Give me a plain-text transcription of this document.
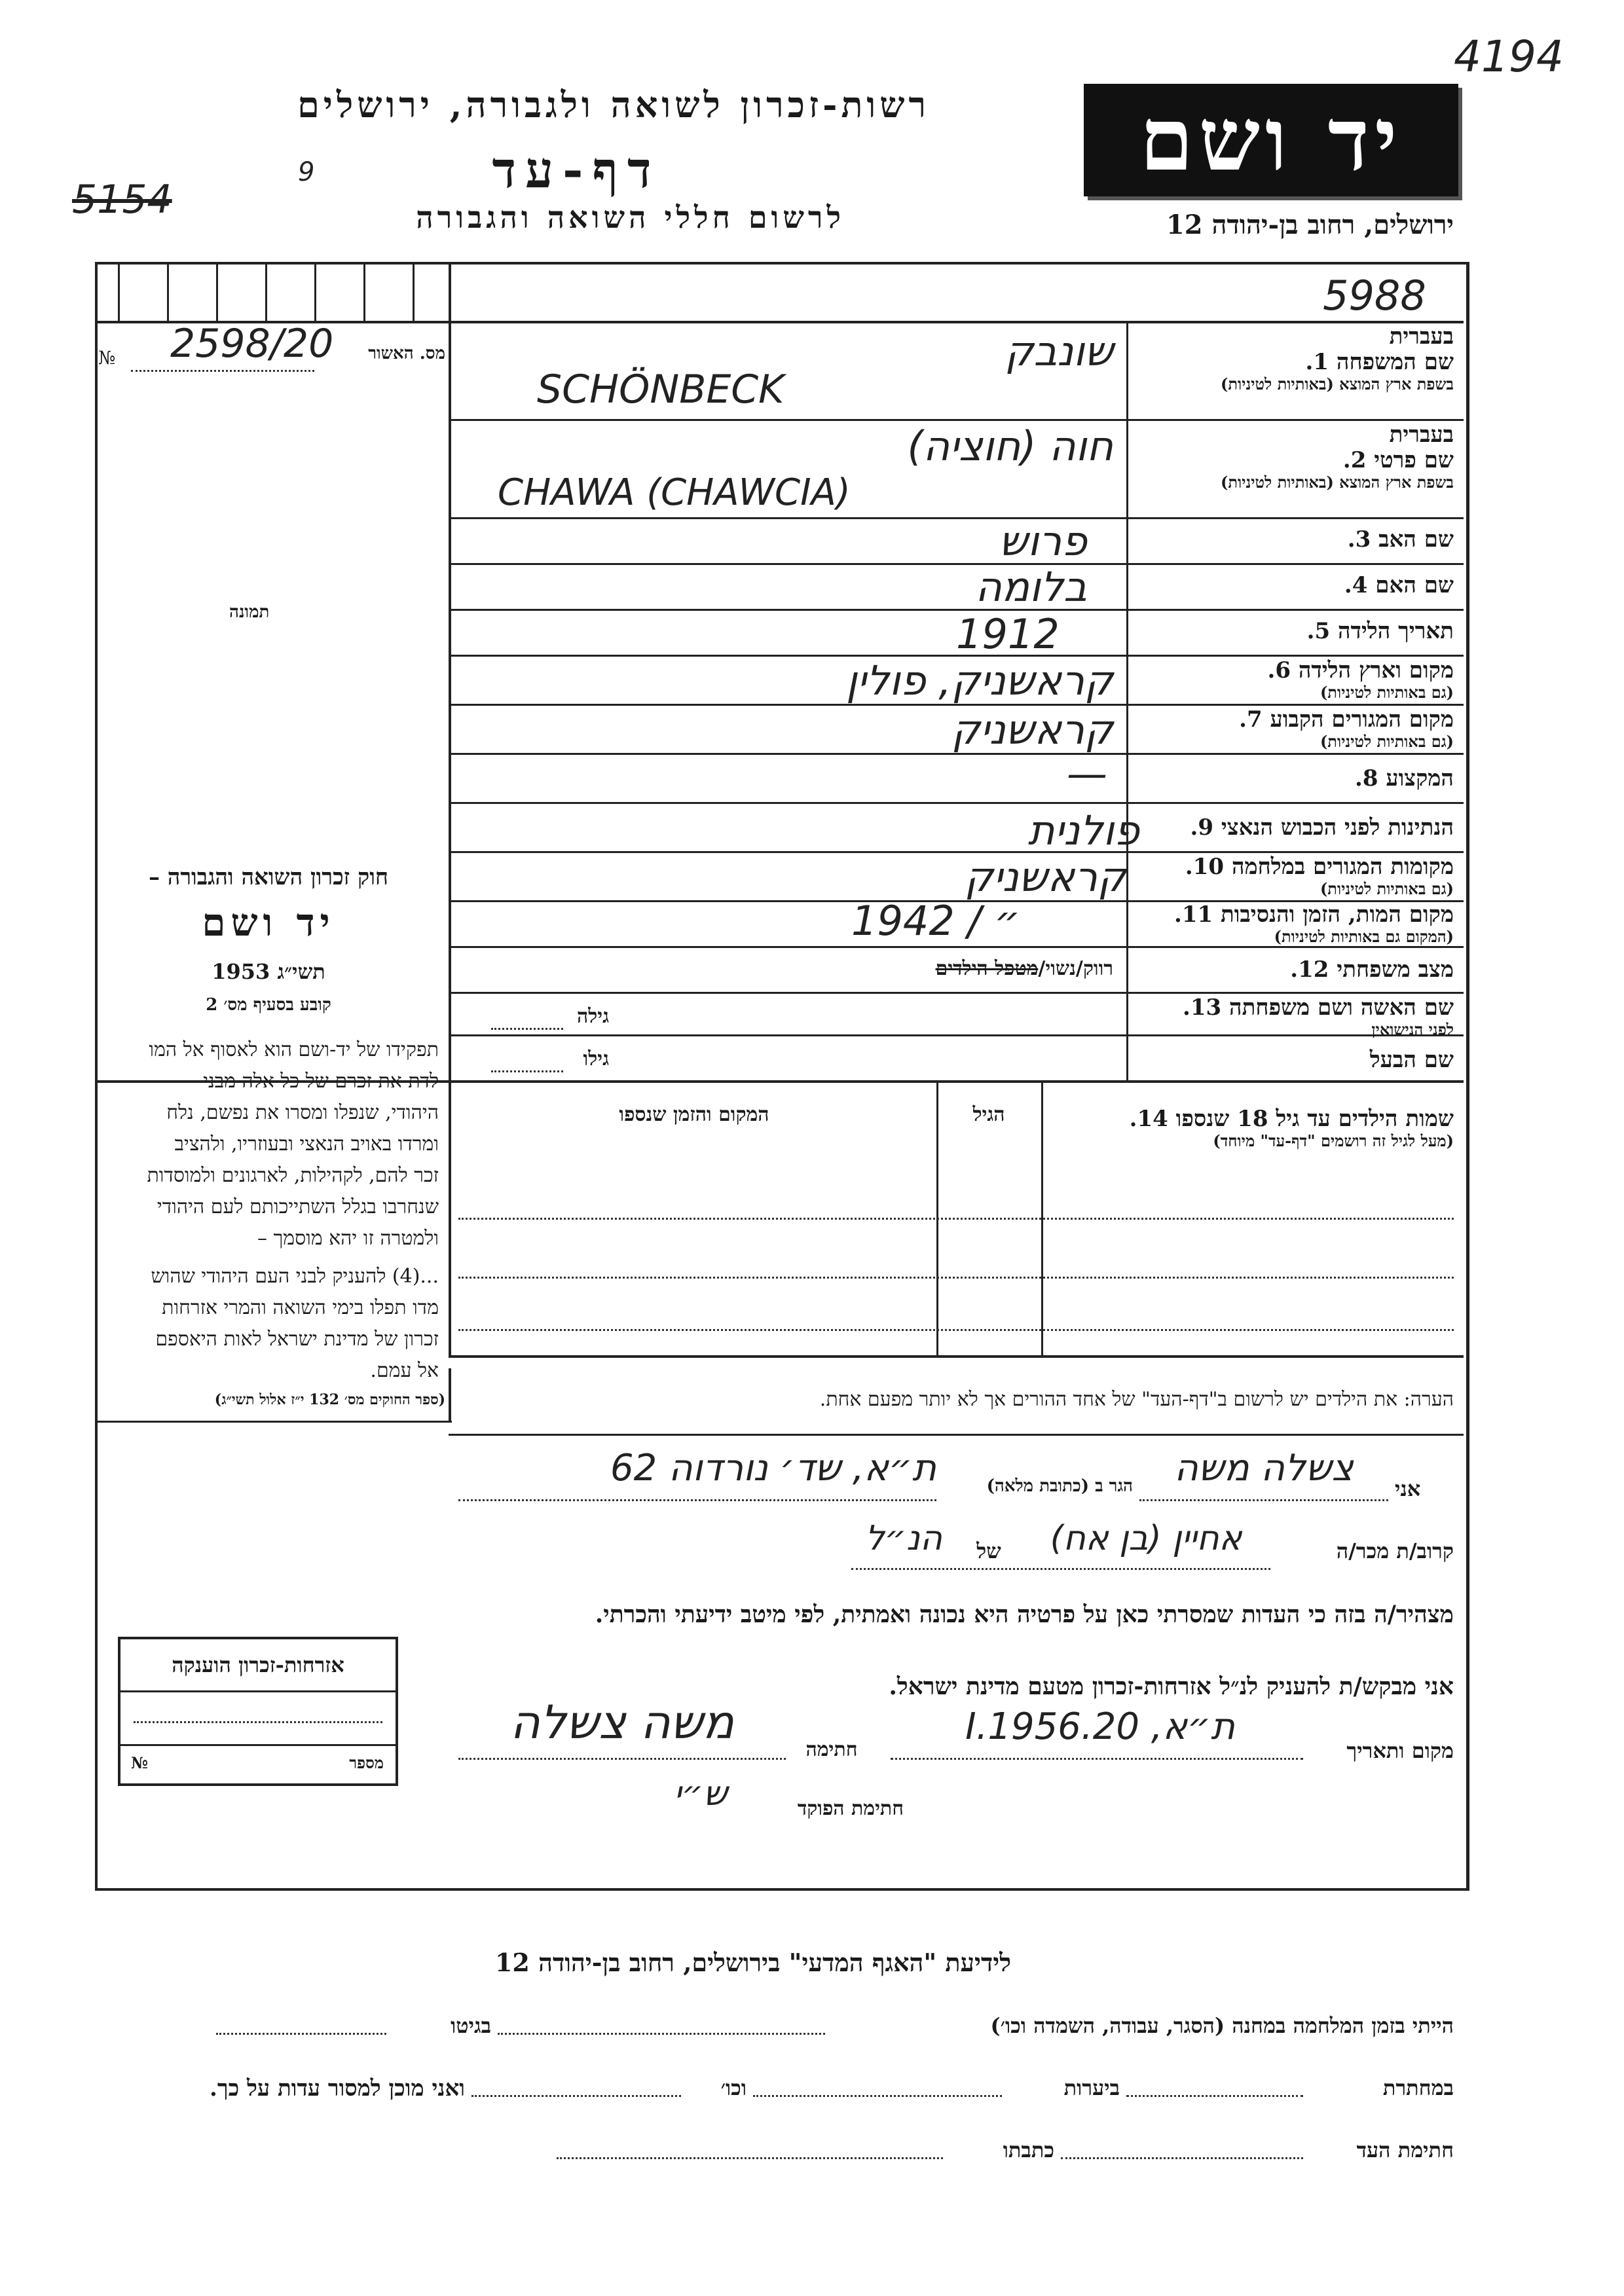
4194
יד ושם
רשות-זכרון לשואה ולגבורה, ירושלים
דף-עד
לרשום חללי השואה והגבורה	ירושלים, רחוב בן-יהודה 12
5154
9
5988
№ 2598/20	מס. האשור
תמונה
בעברית
שם המשפחה 1.
בשפת ארץ המוצא (באותיות לטיניות)
שונבק
SCHÖNBECK
בעברית
שם פרטי 2.
בשפת ארץ המוצא (באותיות לטיניות)
חוה (חוציה)
CHAWA (CHAWCIA)
שם האב 3.
פרוש
שם האם 4.
בלומה
תאריך הלידה 5.
1912
מקום וארץ הלידה 6.
(גם באותיות לטיניות)
קראשניק, פולין
מקום המגורים הקבוע 7.
(גם באותיות לטיניות)
קראשניק
המקצוע 8.
—
הנתינות לפני הכבוש הנאצי 9.
פולנית
מקומות המגורים במלחמה 10.
(גם באותיות לטיניות)
קראשניק
מקום המות, הזמן והנסיבות 11.
(המקום גם באותיות לטיניות)
1942 / ״
מצב משפחתי 12.
רווק/נשוי/מטפל הילדים
שם האשה ושם משפחתה 13.
לפני הנישואין
גילה
שם הבעל
גילו
שמות הילדים עד גיל 18 שנספו 14.
(מעל לגיל זה רושמים "דף-עד" מיוחד)
הגיל
המקום והזמן שנספו
הערה: את הילדים יש לרשום ב"דף-העד" של אחד ההורים אך לא יותר מפעם אחת.
חוק זכרון השואה והגבורה –
יד ושם
תשי״ג 1953
קובע בסעיף מס׳ 2
תפקידו של יד-ושם הוא לאסוף אל המו
לדת את זכרם של כל אלה מבני
היהודי, שנפלו ומסרו את נפשם, נלח
ומרדו באויב הנאצי ובעוזריו, ולהציב
זכר להם, לקהילות, לארגונים ולמוסדות
שנחרבו בגלל השתייכותם לעם היהודי
ולמטרה זו יהא מוסמך –
...(4) להעניק לבני העם היהודי שהוש
מדו תפלו בימי השואה והמרי אזרחות
זכרון של מדינת ישראל לאות היאספם
אל עמם.
(ספר החוקים מס׳ 132 י״ז אלול תשי״ג)
אני
צשלה משה
הגר ב (כתובת מלאה)
ת״א, שד׳ נורדוה 62
קרוב/ת מכר/ה
אחיין (בן אח)
של
הנ״ל
מצהיר/ה בזה כי העדות שמסרתי כאן על פרטיה היא נכונה ואמתית, לפי מיטב ידיעתי והכרתי.
אני מבקש/ת להעניק לנ״ל אזרחות-זכרון מטעם מדינת ישראל.
מקום ותאריך
ת״א, 20.I.1956
חתימה
משה צשלה
חתימת הפוקד
ש״י
אזרחות-זכרון הוענקה
№	מספר
לידיעת "האגף המדעי" בירושלים, רחוב בן-יהודה 12
הייתי בזמן המלחמה במחנה (הסגר, עבודה, השמדה וכו׳)
בגיטו
במחתרת
ביערות
וכו׳
ואני מוכן למסור עדות על כך.
חתימת העד
כתבתו
